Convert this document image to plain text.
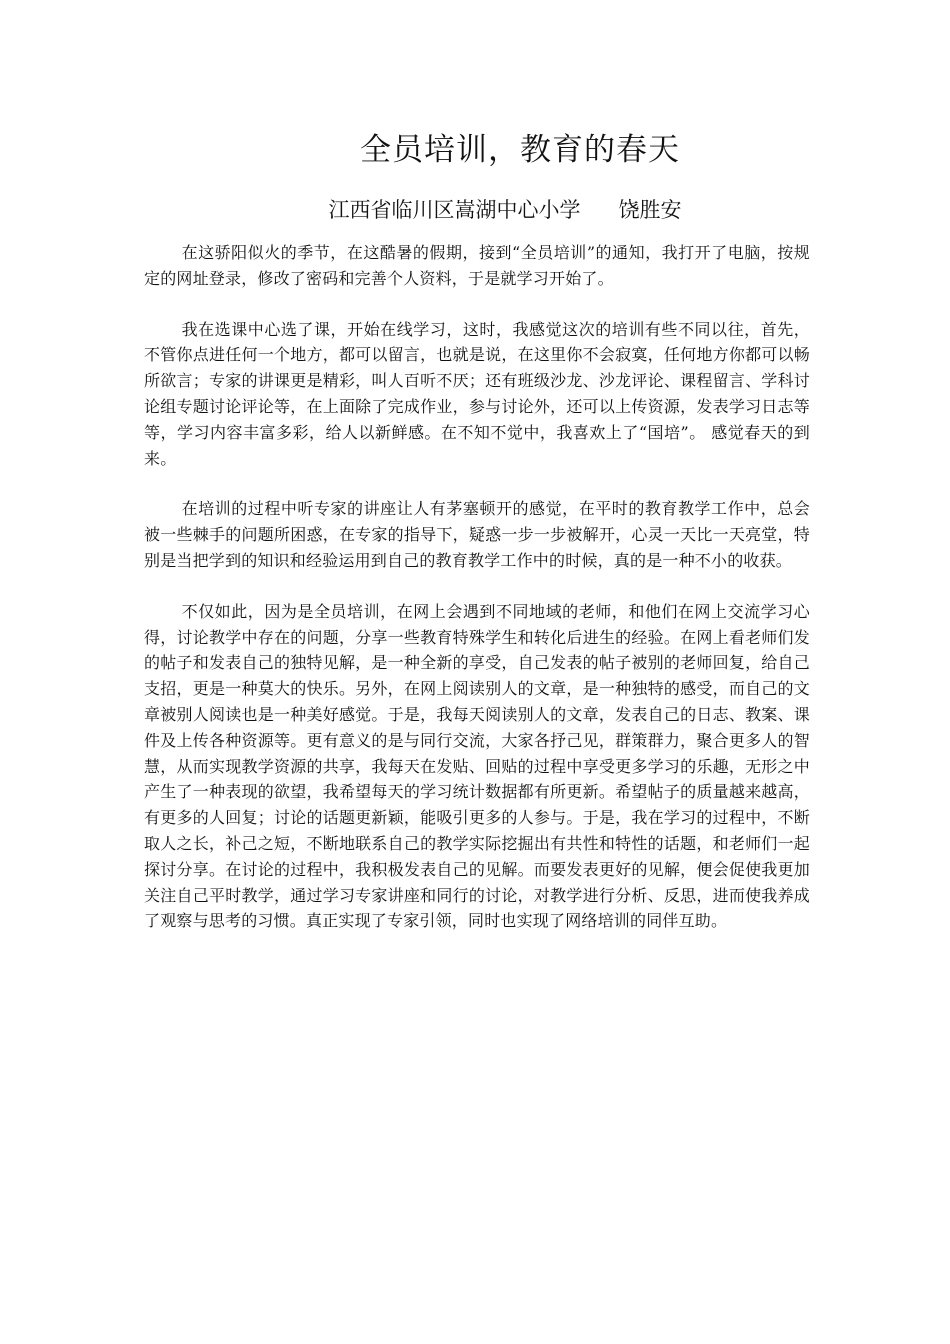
全员培训，教育的春天
江西省临川区嵩湖中心小学 饶胜安

在这骄阳似火的季节，在这酷暑的假期，接到“全员培训”的通知，我打开了电脑，按规定的网址登录，修改了密码和完善个人资料，于是就学习开始了。

我在选课中心选了课，开始在线学习，这时，我感觉这次的培训有些不同以往，首先，不管你点进任何一个地方，都可以留言，也就是说，在这里你不会寂寞，任何地方你都可以畅所欲言；专家的讲课更是精彩，叫人百听不厌；还有班级沙龙、沙龙评论、课程留言、学科讨论组专题讨论评论等，在上面除了完成作业，参与讨论外，还可以上传资源，发表学习日志等等，学习内容丰富多彩，给人以新鲜感。在不知不觉中，我喜欢上了“国培”。 感觉春天的到来。

在培训的过程中听专家的讲座让人有茅塞顿开的感觉，在平时的教育教学工作中，总会被一些棘手的问题所困惑，在专家的指导下，疑惑一步一步被解开，心灵一天比一天亮堂，特别是当把学到的知识和经验运用到自己的教育教学工作中的时候，真的是一种不小的收获。

不仅如此，因为是全员培训，在网上会遇到不同地域的老师，和他们在网上交流学习心得，讨论教学中存在的问题，分享一些教育特殊学生和转化后进生的经验。在网上看老师们发的帖子和发表自己的独特见解，是一种全新的享受，自己发表的帖子被别的老师回复，给自己支招，更是一种莫大的快乐。另外，在网上阅读别人的文章，是一种独特的感受，而自己的文章被别人阅读也是一种美好感觉。于是，我每天阅读别人的文章，发表自己的日志、教案、课件及上传各种资源等。更有意义的是与同行交流，大家各抒己见，群策群力，聚合更多人的智慧，从而实现教学资源的共享，我每天在发贴、回贴的过程中享受更多学习的乐趣，无形之中产生了一种表现的欲望，我希望每天的学习统计数据都有所更新。希望帖子的质量越来越高，有更多的人回复；讨论的话题更新颖，能吸引更多的人参与。于是，我在学习的过程中，不断取人之长，补己之短，不断地联系自己的教学实际挖掘出有共性和特性的话题，和老师们一起探讨分享。在讨论的过程中，我积极发表自己的见解。而要发表更好的见解，便会促使我更加关注自己平时教学，通过学习专家讲座和同行的讨论，对教学进行分析、反思，进而使我养成了观察与思考的习惯。真正实现了专家引领，同时也实现了网络培训的同伴互助。
